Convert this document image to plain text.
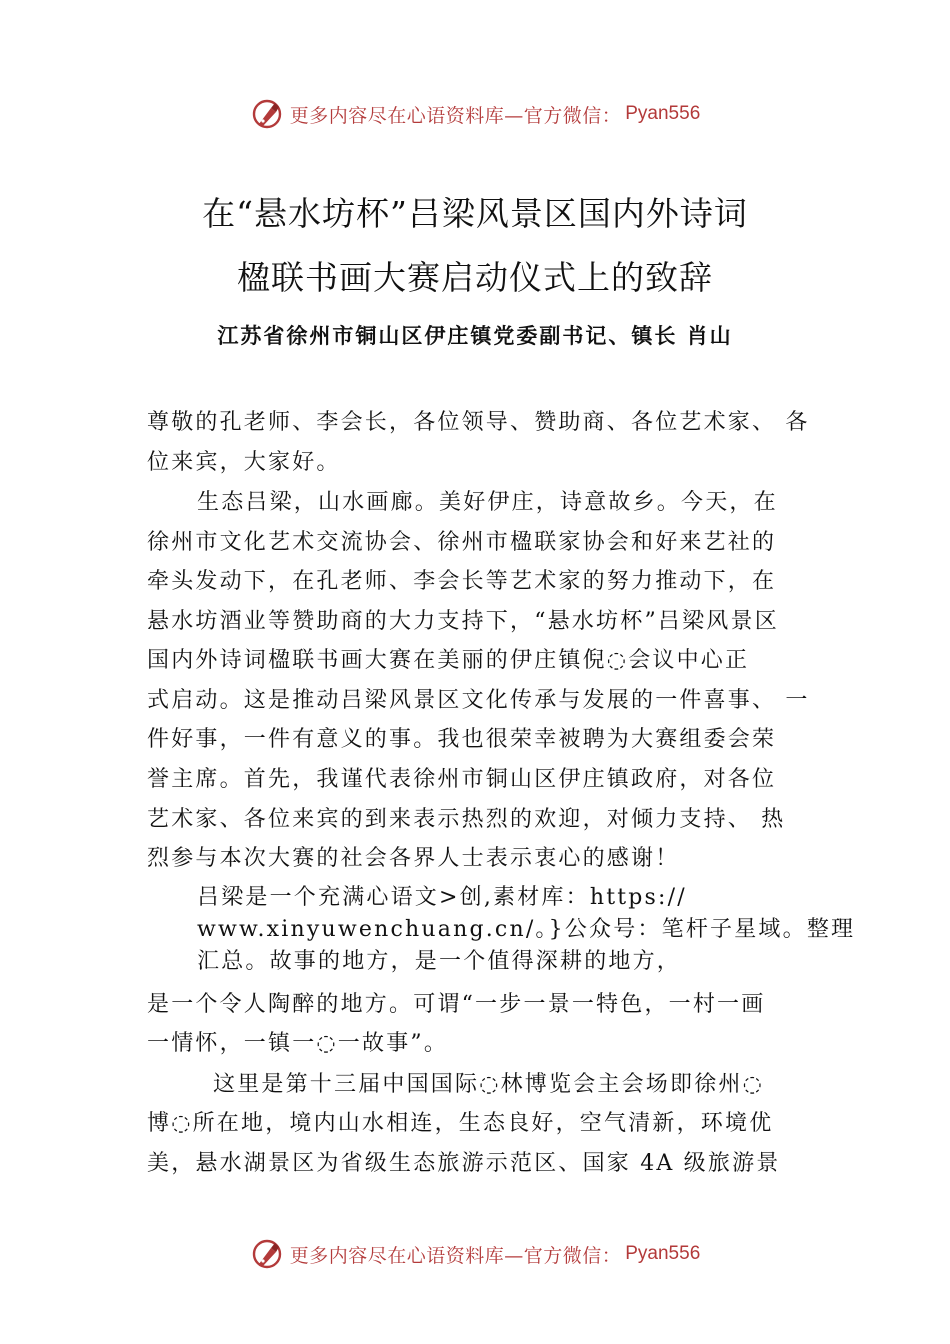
更多内容尽在心语资料库—官方微信： Pyan556
在“悬水坊杯”吕梁风景区国内外诗词
楹联书画大赛启动仪式上的致辞
江苏省徐州市铜山区伊庄镇党委副书记、镇长 肖山
尊敬的孔老师、李会长，各位领导、赞助商、各位艺术家、 各
位来宾，大家好。
生态吕梁，山水画廊。美好伊庄，诗意故乡。今天，在
徐州市文化艺术交流协会、徐州市楹联家协会和好来艺社的
牵头发动下，在孔老师、李会长等艺术家的努力推动下，在
悬水坊酒业等赞助商的大力支持下，“悬水坊杯”吕梁风景区
国内外诗词楹联书画大赛在美丽的伊庄镇倪◌会议中心正
式启动。这是推动吕梁风景区文化传承与发展的一件喜事、 一
件好事，一件有意义的事。我也很荣幸被聘为大赛组委会荣
誉主席。首先，我谨代表徐州市铜山区伊庄镇政府，对各位
艺术家、各位来宾的到来表示热烈的欢迎，对倾力支持、 热
烈参与本次大赛的社会各界人士表示衷心的感谢！
吕梁是一个充满心语文>创,素材库：https://
www.xinyuwenchuang.cn/。}公众号：笔杆子星域。整理
汇总。故事的地方，是一个值得深耕的地方，
是一个令人陶醉的地方。可谓“一步一景一特色，一村一画
一情怀，一镇一◌一故事”。
这里是第十三届中国国际◌林博览会主会场即徐州◌
博◌所在地，境内山水相连，生态良好，空气清新，环境优
美，悬水湖景区为省级生态旅游示范区、国家 4A 级旅游景
更多内容尽在心语资料库—官方微信： Pyan556
